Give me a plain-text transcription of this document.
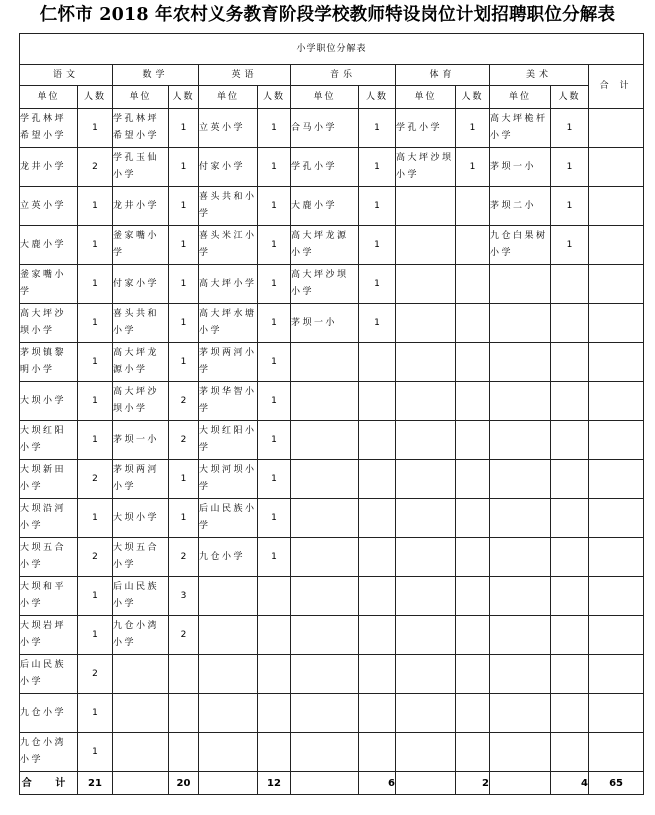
仁怀市 2018 年农村义务教育阶段学校教师特设岗位计划招聘职位分解表
小学职位分解表												
语文		数学		英语		音乐		体育		美术		合 计
单位	人数	单位	人数	单位	人数	单位	人数	单位	人数	单位	人数	
学孔林坪希望小学	1	学孔林坪希望小学	1	立英小学	1	合马小学	1	学孔小学	1	高大坪桅杆小学	1	
龙井小学	2	学孔玉仙小学	1	付家小学	1	学孔小学	1	高大坪沙坝小学	1	茅坝一小	1	
立英小学	1	龙井小学	1	喜头共和小学	1	大鹿小学	1			茅坝二小	1	
大鹿小学	1	釜家嘴小学	1	喜头米江小学	1	高大坪龙源小学	1			九仓白果树小学	1	
釜家嘴小学	1	付家小学	1	高大坪小学	1	高大坪沙坝小学	1					
高大坪沙坝小学	1	喜头共和小学	1	高大坪水塘小学	1	茅坝一小	1					
茅坝镇黎明小学	1	高大坪龙源小学	1	茅坝两河小学	1							
大坝小学	1	高大坪沙坝小学	2	茅坝华智小学	1							
大坝红阳小学	1	茅坝一小	2	大坝红阳小学	1							
大坝新田小学	2	茅坝两河小学	1	大坝河坝小学	1							
大坝沿河小学	1	大坝小学	1	后山民族小学	1							
大坝五合小学	2	大坝五合小学	2	九仓小学	1							
大坝和平小学	1	后山民族小学	3									
大坝岩坪小学	1	九仓小湾小学	2									
后山民族小学	2											
九仓小学	1											
九仓小湾小学	1											
合 计	21		20		12		6		2		4	65
